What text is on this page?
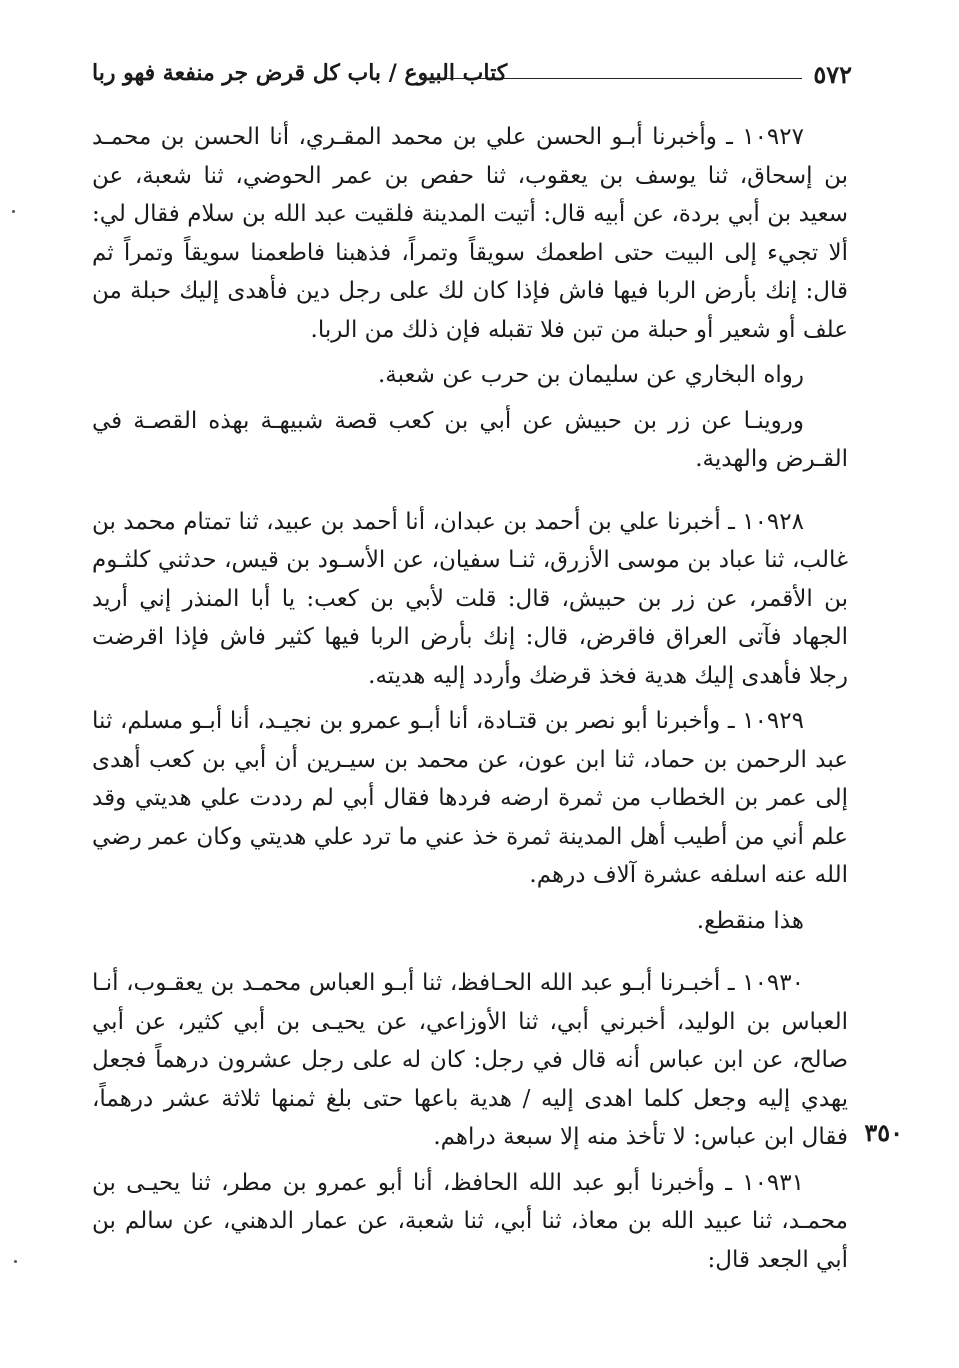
٥٧٢
كتاب البيوع / باب كل قرض جر منفعة فهو ربا

١٠٩٢٧ ـ وأخبرنا أبـو الحسن علي بن محمد المقـري، أنا الحسن بن محمـد بن إسحاق، ثنا يوسف بن يعقوب، ثنا حفص بن عمر الحوضي، ثنا شعبة، عن سعيد بن أبي بردة، عن أبيه قال: أتيت المدينة فلقيت عبد الله بن سلام فقال لي: ألا تجيء إلى البيت حتى اطعمك سويقاً وتمراً، فذهبنا فاطعمنا سويقاً وتمراً ثم قال: إنك بأرض الربا فيها فاش فإذا كان لك على رجل دين فأهدى إليك حبلة من علف أو شعير أو حبلة من تبن فلا تقبله فإن ذلك من الربا.

رواه البخاري عن سليمان بن حرب عن شعبة.

وروينـا عن زر بن حبيش عن أبي بن كعب قصة شبيهـة بهذه القصـة في القـرض والهدية.

١٠٩٢٨ ـ أخبرنا علي بن أحمد بن عبدان، أنا أحمد بن عبيد، ثنا تمتام محمد بن غالب، ثنا عباد بن موسى الأزرق، ثنـا سفيان، عن الأسـود بن قيس، حدثني كلثـوم بن الأقمر، عن زر بن حبيش، قال: قلت لأبي بن كعب: يا أبا المنذر إني أريد الجهاد فآتى العراق فاقرض، قال: إنك بأرض الربا فيها كثير فاش فإذا اقرضت رجلا فأهدى إليك هدية فخذ قرضك وأردد إليه هديته.

١٠٩٢٩ ـ وأخبرنا أبو نصر بن قتـادة، أنا أبـو عمرو بن نجيـد، أنا أبـو مسلم، ثنا عبد الرحمن بن حماد، ثنا ابن عون، عن محمد بن سيـرين أن أبي بن كعب أهدى إلى عمر بن الخطاب من ثمرة ارضه فردها فقال أبي لم رددت علي هديتي وقد علم أني من أطيب أهل المدينة ثمرة خذ عني ما ترد علي هديتي وكان عمر رضي الله عنه اسلفه عشرة آلاف درهم.

هذا منقطع.

١٠٩٣٠ ـ أخبـرنا أبـو عبد الله الحـافظ، ثنا أبـو العباس محمـد بن يعقـوب، أنـا العباس بن الوليد، أخبرني أبي، ثنا الأوزاعي، عن يحيـى بن أبي كثير، عن أبي صالح، عن ابن عباس أنه قال في رجل: كان له على رجل عشرون درهماً فجعل يهدي إليه وجعل كلما اهدى إليه / هدية باعها حتى بلغ ثمنها ثلاثة عشر درهماً، فقال ابن عباس: لا تأخذ منه إلا سبعة دراهم.

١٠٩٣١ ـ وأخبرنا أبو عبد الله الحافظ، أنا أبو عمرو بن مطر، ثنا يحيـى بن محمـد، ثنا عبيد الله بن معاذ، ثنا أبي، ثنا شعبة، عن عمار الدهني، عن سالم بن أبي الجعد قال:

٣٥٠
